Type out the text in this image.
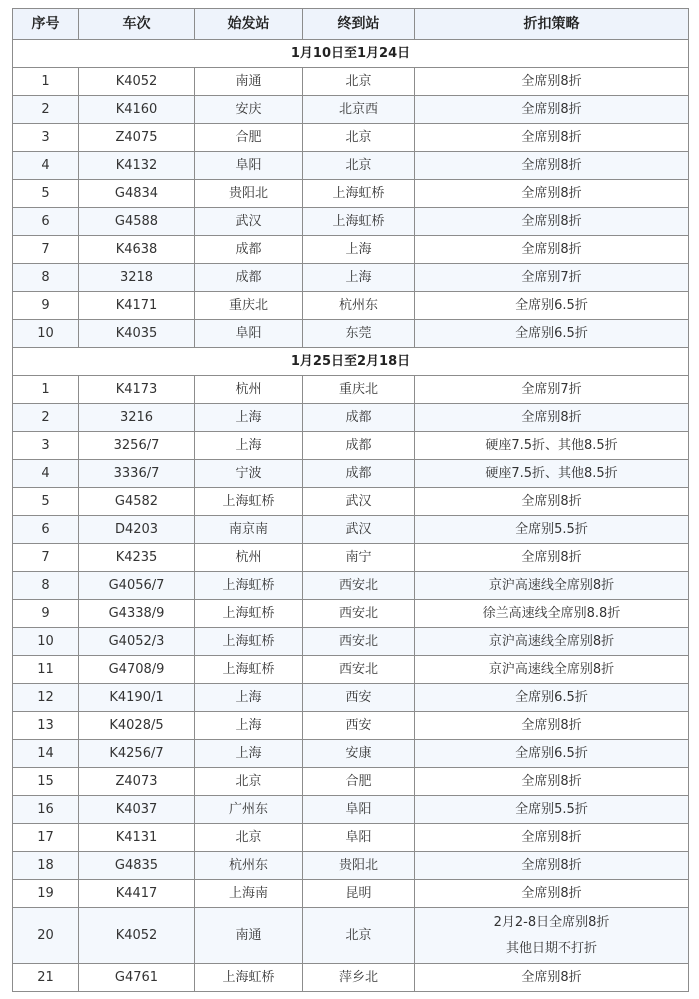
序号	车次	始发站	终到站	折扣策略
1月10日至1月24日				
1	K4052	南通	北京	全席别8折
2	K4160	安庆	北京西	全席别8折
3	Z4075	合肥	北京	全席别8折
4	K4132	阜阳	北京	全席别8折
5	G4834	贵阳北	上海虹桥	全席别8折
6	G4588	武汉	上海虹桥	全席别8折
7	K4638	成都	上海	全席别8折
8	3218	成都	上海	全席别7折
9	K4171	重庆北	杭州东	全席别6.5折
10	K4035	阜阳	东莞	全席别6.5折
1月25日至2月18日				
1	K4173	杭州	重庆北	全席别7折
2	3216	上海	成都	全席别8折
3	3256/7	上海	成都	硬座7.5折、其他8.5折
4	3336/7	宁波	成都	硬座7.5折、其他8.5折
5	G4582	上海虹桥	武汉	全席别8折
6	D4203	南京南	武汉	全席别5.5折
7	K4235	杭州	南宁	全席别8折
8	G4056/7	上海虹桥	西安北	京沪高速线全席别8折
9	G4338/9	上海虹桥	西安北	徐兰高速线全席别8.8折
10	G4052/3	上海虹桥	西安北	京沪高速线全席别8折
11	G4708/9	上海虹桥	西安北	京沪高速线全席别8折
12	K4190/1	上海	西安	全席别6.5折
13	K4028/5	上海	西安	全席别8折
14	K4256/7	上海	安康	全席别6.5折
15	Z4073	北京	合肥	全席别8折
16	K4037	广州东	阜阳	全席别5.5折
17	K4131	北京	阜阳	全席别8折
18	G4835	杭州东	贵阳北	全席别8折
19	K4417	上海南	昆明	全席别8折
20	K4052	南通	北京	2月2-8日全席别8折
其他日期不打折

21	G4761	上海虹桥	萍乡北	全席别8折
